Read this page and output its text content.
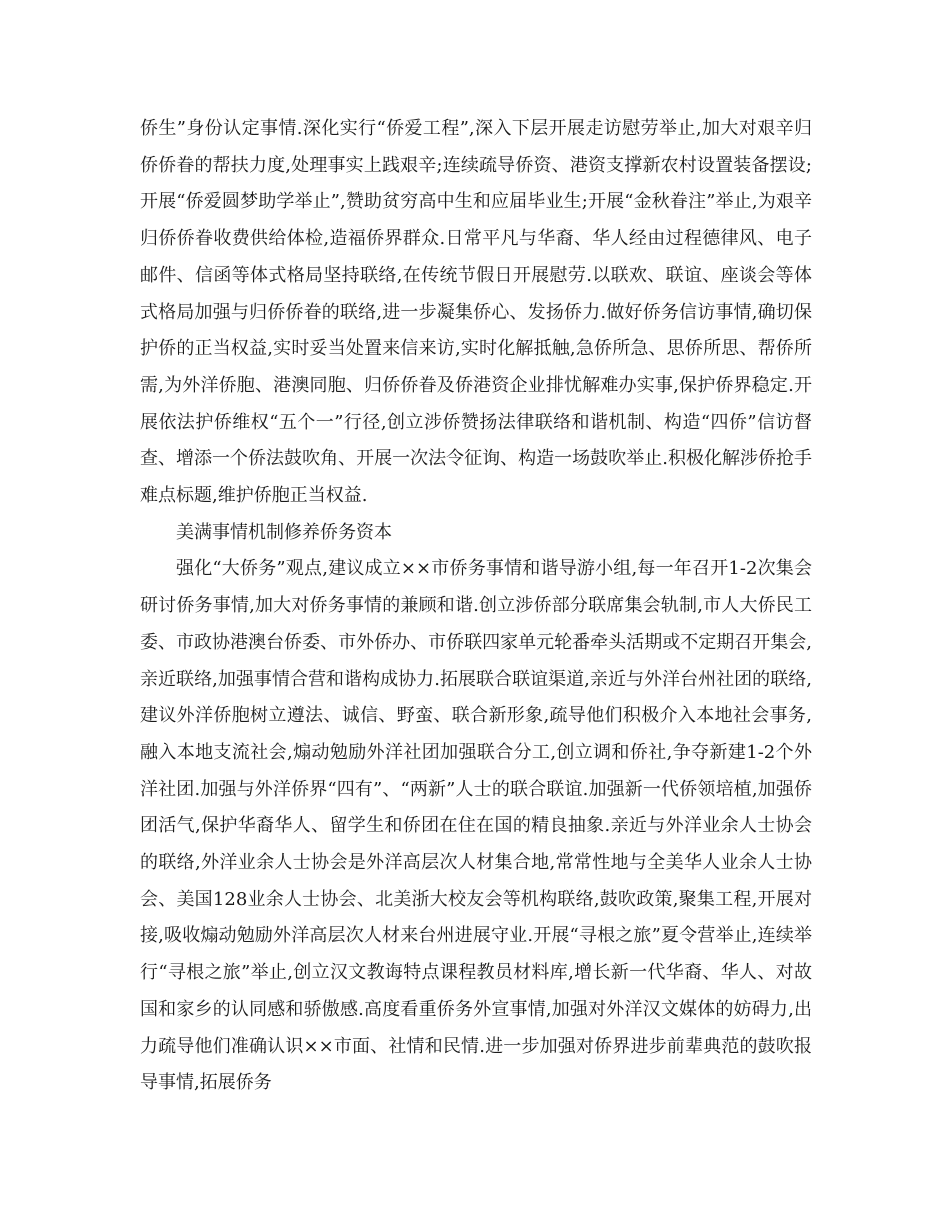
侨生”身份认定事情.深化实行“侨爱工程”,深入下层开展走访慰劳举止,加大对艰辛归侨侨眷的帮扶力度,处理事实上践艰辛;连续疏导侨资、港资支撑新农村设置装备摆设;开展“侨爱圆梦助学举止”,赞助贫穷高中生和应届毕业生;开展“金秋眷注”举止,为艰辛归侨侨眷收费供给体检,造福侨界群众.日常平凡与华裔、华人经由过程德律风、电子邮件、信函等体式格局坚持联络,在传统节假日开展慰劳.以联欢、联谊、座谈会等体式格局加强与归侨侨眷的联络,进一步凝集侨心、发扬侨力.做好侨务信访事情,确切保护侨的正当权益,实时妥当处置来信来访,实时化解抵触,急侨所急、思侨所思、帮侨所需,为外洋侨胞、港澳同胞、归侨侨眷及侨港资企业排忧解难办实事,保护侨界稳定.开展依法护侨维权“五个一”行径,创立涉侨赞扬法律联络和谐机制、构造“四侨”信访督查、增添一个侨法鼓吹角、开展一次法令征询、构造一场鼓吹举止.积极化解涉侨抢手难点标题,维护侨胞正当权益.

美满事情机制修养侨务资本

强化“大侨务”观点,建议成立××市侨务事情和谐导游小组,每一年召开1-2次集会研讨侨务事情,加大对侨务事情的兼顾和谐.创立涉侨部分联席集会轨制,市人大侨民工委、市政协港澳台侨委、市外侨办、市侨联四家单元轮番牵头活期或不定期召开集会,亲近联络,加强事情合营和谐构成协力.拓展联合联谊渠道,亲近与外洋台州社团的联络,建议外洋侨胞树立遵法、诚信、野蛮、联合新形象,疏导他们积极介入本地社会事务,融入本地支流社会,煽动勉励外洋社团加强联合分工,创立调和侨社,争夺新建1-2个外洋社团.加强与外洋侨界“四有”、“两新”人士的联合联谊.加强新一代侨领培植,加强侨团活气,保护华裔华人、留学生和侨团在住在国的精良抽象.亲近与外洋业余人士协会的联络,外洋业余人士协会是外洋高层次人材集合地,常常性地与全美华人业余人士协会、美国128业余人士协会、北美浙大校友会等机构联络,鼓吹政策,聚集工程,开展对接,吸收煽动勉励外洋高层次人材来台州进展守业.开展“寻根之旅”夏令营举止,连续举行“寻根之旅”举止,创立汉文教诲特点课程教员材料库,增长新一代华裔、华人、对故国和家乡的认同感和骄傲感.高度看重侨务外宣事情,加强对外洋汉文媒体的妨碍力,出力疏导他们准确认识××市面、社情和民情.进一步加强对侨界进步前辈典范的鼓吹报导事情,拓展侨务
